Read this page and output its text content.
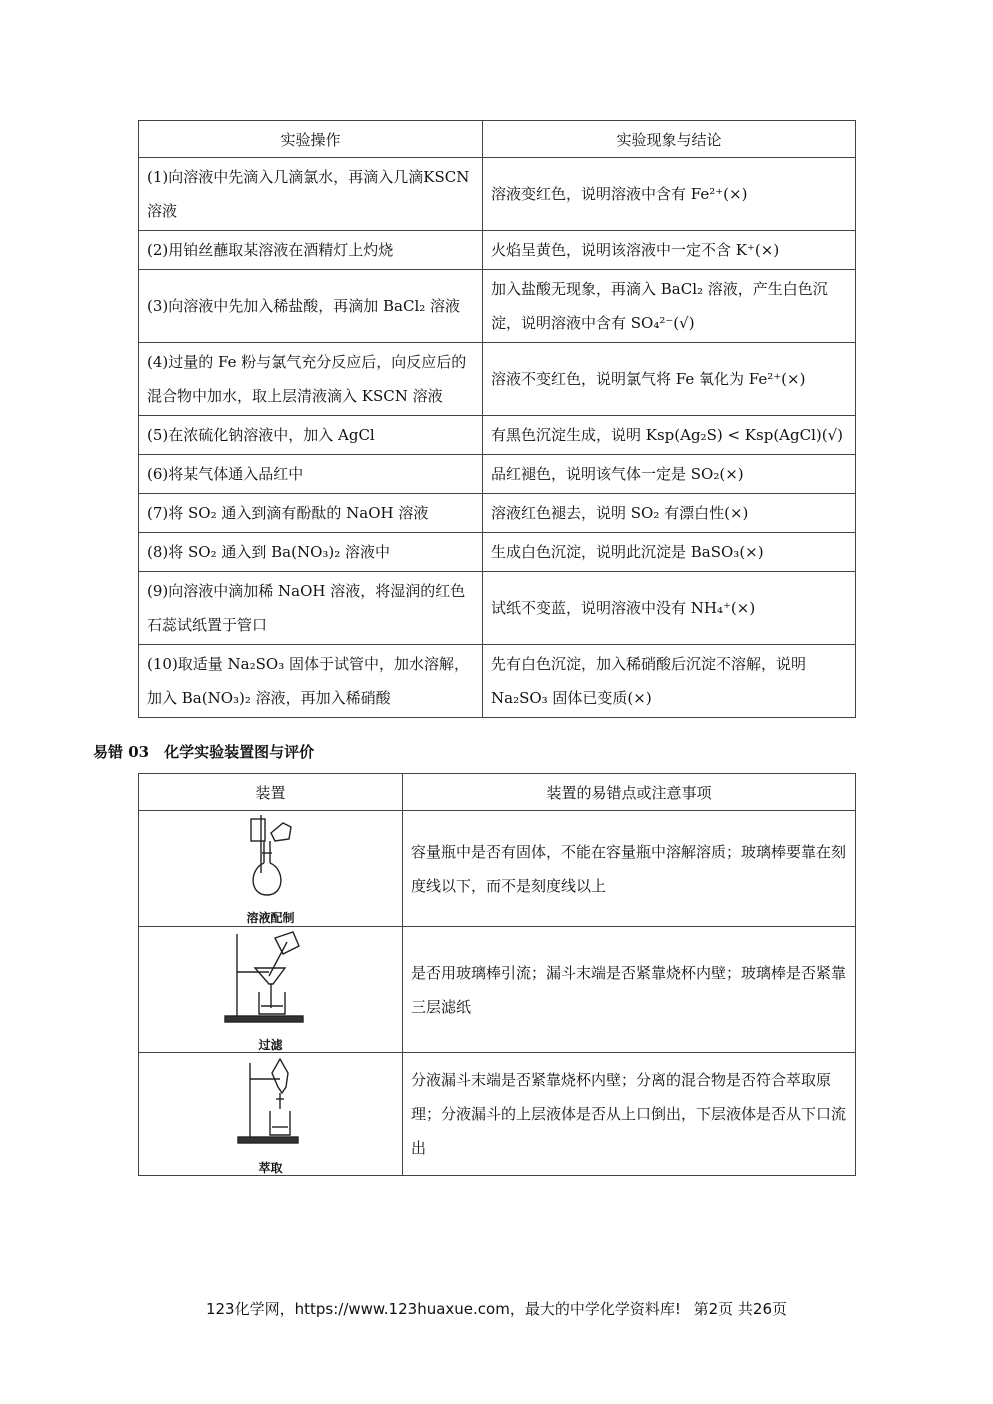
实验操作	实验现象与结论
(1)向溶液中先滴入几滴氯水，再滴入几滴KSCN 溶液	溶液变红色，说明溶液中含有 Fe²⁺(×)
(2)用铂丝蘸取某溶液在酒精灯上灼烧	火焰呈黄色，说明该溶液中一定不含 K⁺(×)
(3)向溶液中先加入稀盐酸，再滴加 BaCl₂ 溶液	加入盐酸无现象，再滴入 BaCl₂ 溶液，产生白色沉淀，说明溶液中含有 SO₄²⁻(√)
(4)过量的 Fe 粉与氯气充分反应后，向反应后的混合物中加水，取上层清液滴入 KSCN 溶液	溶液不变红色，说明氯气将 Fe 氧化为 Fe²⁺(×)
(5)在浓硫化钠溶液中，加入 AgCl	有黑色沉淀生成，说明 Ksp(Ag₂S) < Ksp(AgCl)(√)
(6)将某气体通入品红中	品红褪色，说明该气体一定是 SO₂(×)
(7)将 SO₂ 通入到滴有酚酞的 NaOH 溶液	溶液红色褪去，说明 SO₂ 有漂白性(×)
(8)将 SO₂ 通入到 Ba(NO₃)₂ 溶液中	生成白色沉淀，说明此沉淀是 BaSO₃(×)
(9)向溶液中滴加稀 NaOH 溶液，将湿润的红色石蕊试纸置于管口	试纸不变蓝，说明溶液中没有 NH₄⁺(×)
(10)取适量 Na₂SO₃ 固体于试管中，加水溶解，加入 Ba(NO₃)₂ 溶液，再加入稀硝酸	先有白色沉淀，加入稀硝酸后沉淀不溶解，说明 Na₂SO₃ 固体已变质(×)
易错 03　化学实验装置图与评价
装置	装置的易错点或注意事项

溶液配制	容量瓶中是否有固体，不能在容量瓶中溶解溶质；玻璃棒要靠在刻度线以下，而不是刻度线以上

过滤	是否用玻璃棒引流；漏斗末端是否紧靠烧杯内壁；玻璃棒是否紧靠三层滤纸

萃取	分液漏斗末端是否紧靠烧杯内壁；分离的混合物是否符合萃取原理；分液漏斗的上层液体是否从上口倒出，下层液体是否从下口流出
123化学网，https://www.123huaxue.com，最大的中学化学资料库! 第2页 共26页
